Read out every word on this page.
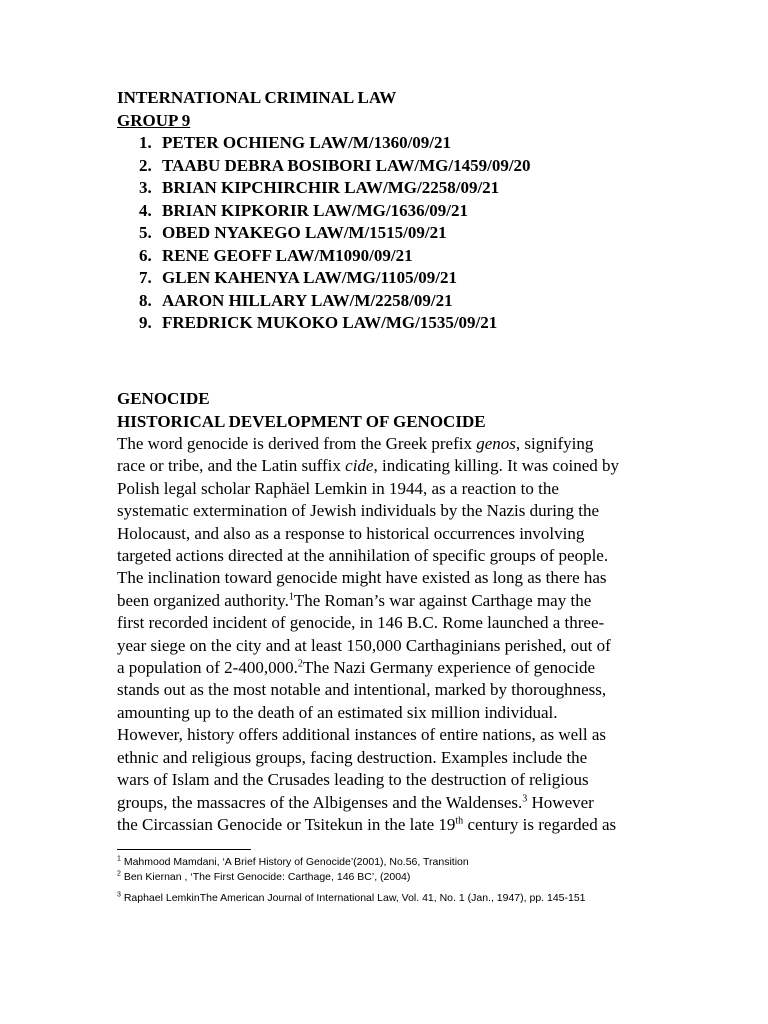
INTERNATIONAL CRIMINAL LAW
GROUP 9
1. PETER OCHIENG LAW/M/1360/09/21
2. TAABU DEBRA BOSIBORI LAW/MG/1459/09/20
3. BRIAN KIPCHIRCHIR LAW/MG/2258/09/21
4. BRIAN KIPKORIR LAW/MG/1636/09/21
5. OBED NYAKEGO LAW/M/1515/09/21
6. RENE GEOFF LAW/M1090/09/21
7. GLEN KAHENYA LAW/MG/1105/09/21
8. AARON HILLARY LAW/M/2258/09/21
9. FREDRICK MUKOKO LAW/MG/1535/09/21
GENOCIDE
HISTORICAL DEVELOPMENT OF GENOCIDE
The word genocide is derived from the Greek prefix genos, signifying
race or tribe, and the Latin suffix cide, indicating killing. It was coined by
Polish legal scholar Raphäel Lemkin in 1944, as a reaction to the
systematic extermination of Jewish individuals by the Nazis during the
Holocaust, and also as a response to historical occurrences involving
targeted actions directed at the annihilation of specific groups of people.
The inclination toward genocide might have existed as long as there has
been organized authority.$^1$The Roman’s war against Carthage may the
first recorded incident of genocide, in 146 B.C. Rome launched a three-
year siege on the city and at least 150,000 Carthaginians perished, out of
a population of 2-400,000.$^2$The Nazi Germany experience of genocide
stands out as the most notable and intentional, marked by thoroughness,
amounting up to the death of an estimated six million individual.
However, history offers additional instances of entire nations, as well as
ethnic and religious groups, facing destruction. Examples include the
wars of Islam and the Crusades leading to the destruction of religious
groups, the massacres of the Albigenses and the Waldenses.$^3$ However
the Circassian Genocide or Tsitekun in the late 19th century is regarded as
$^1$ Mahmood Mamdani, ‘A Brief History of Genocide’(2001), No.56, Transition
$^2$ Ben Kiernan , ‘The First Genocide: Carthage, 146 BC’, (2004)
$^3$ Raphael LemkinThe American Journal of International Law, Vol. 41, No. 1 (Jan., 1947), pp. 145-151
